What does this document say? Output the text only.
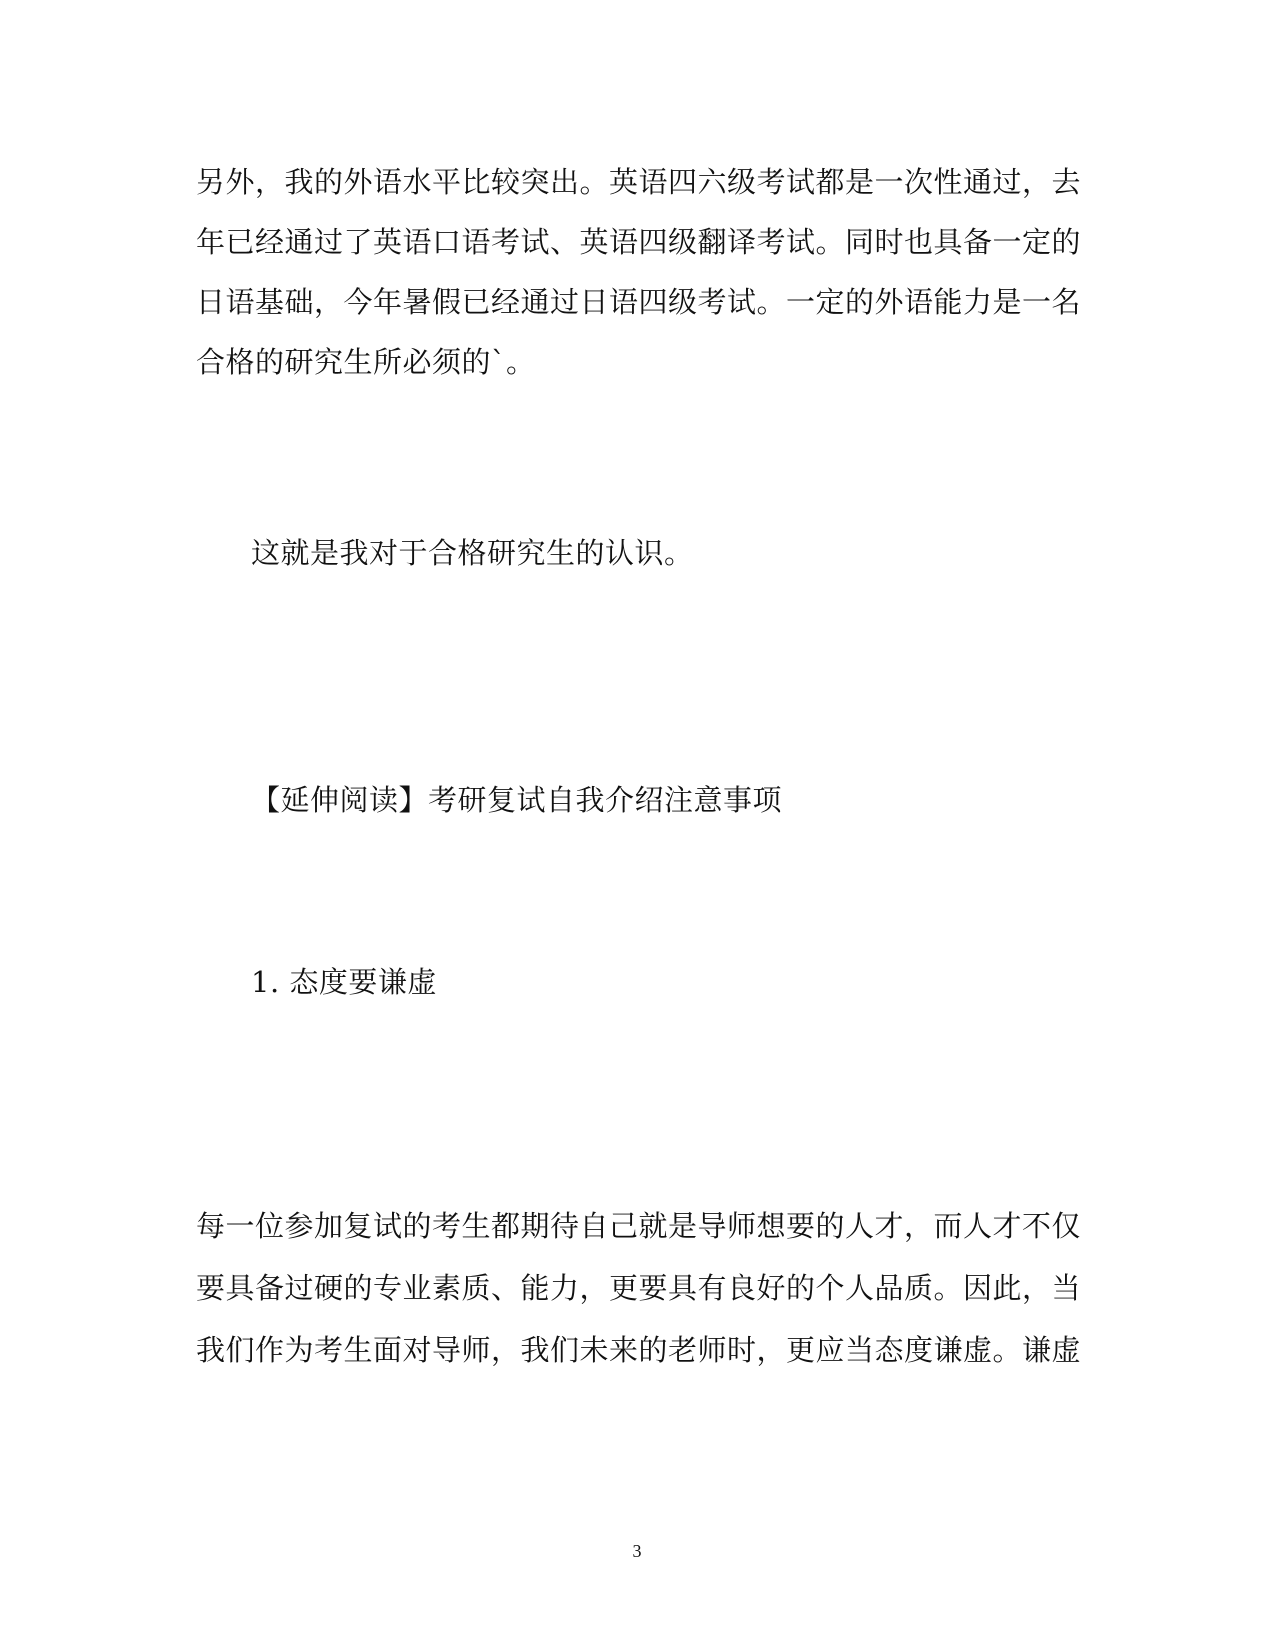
另外，我的外语水平比较突出。英语四六级考试都是一次性通过，去
年已经通过了英语口语考试、英语四级翻译考试。同时也具备一定的
日语基础，今年暑假已经通过日语四级考试。一定的外语能力是一名
合格的研究生所必须的`。
这就是我对于合格研究生的认识。
【延伸阅读】考研复试自我介绍注意事项
1. 态度要谦虚
每一位参加复试的考生都期待自己就是导师想要的人才，而人才不仅
要具备过硬的专业素质、能力，更要具有良好的个人品质。因此，当
我们作为考生面对导师，我们未来的老师时，更应当态度谦虚。谦虚
3
